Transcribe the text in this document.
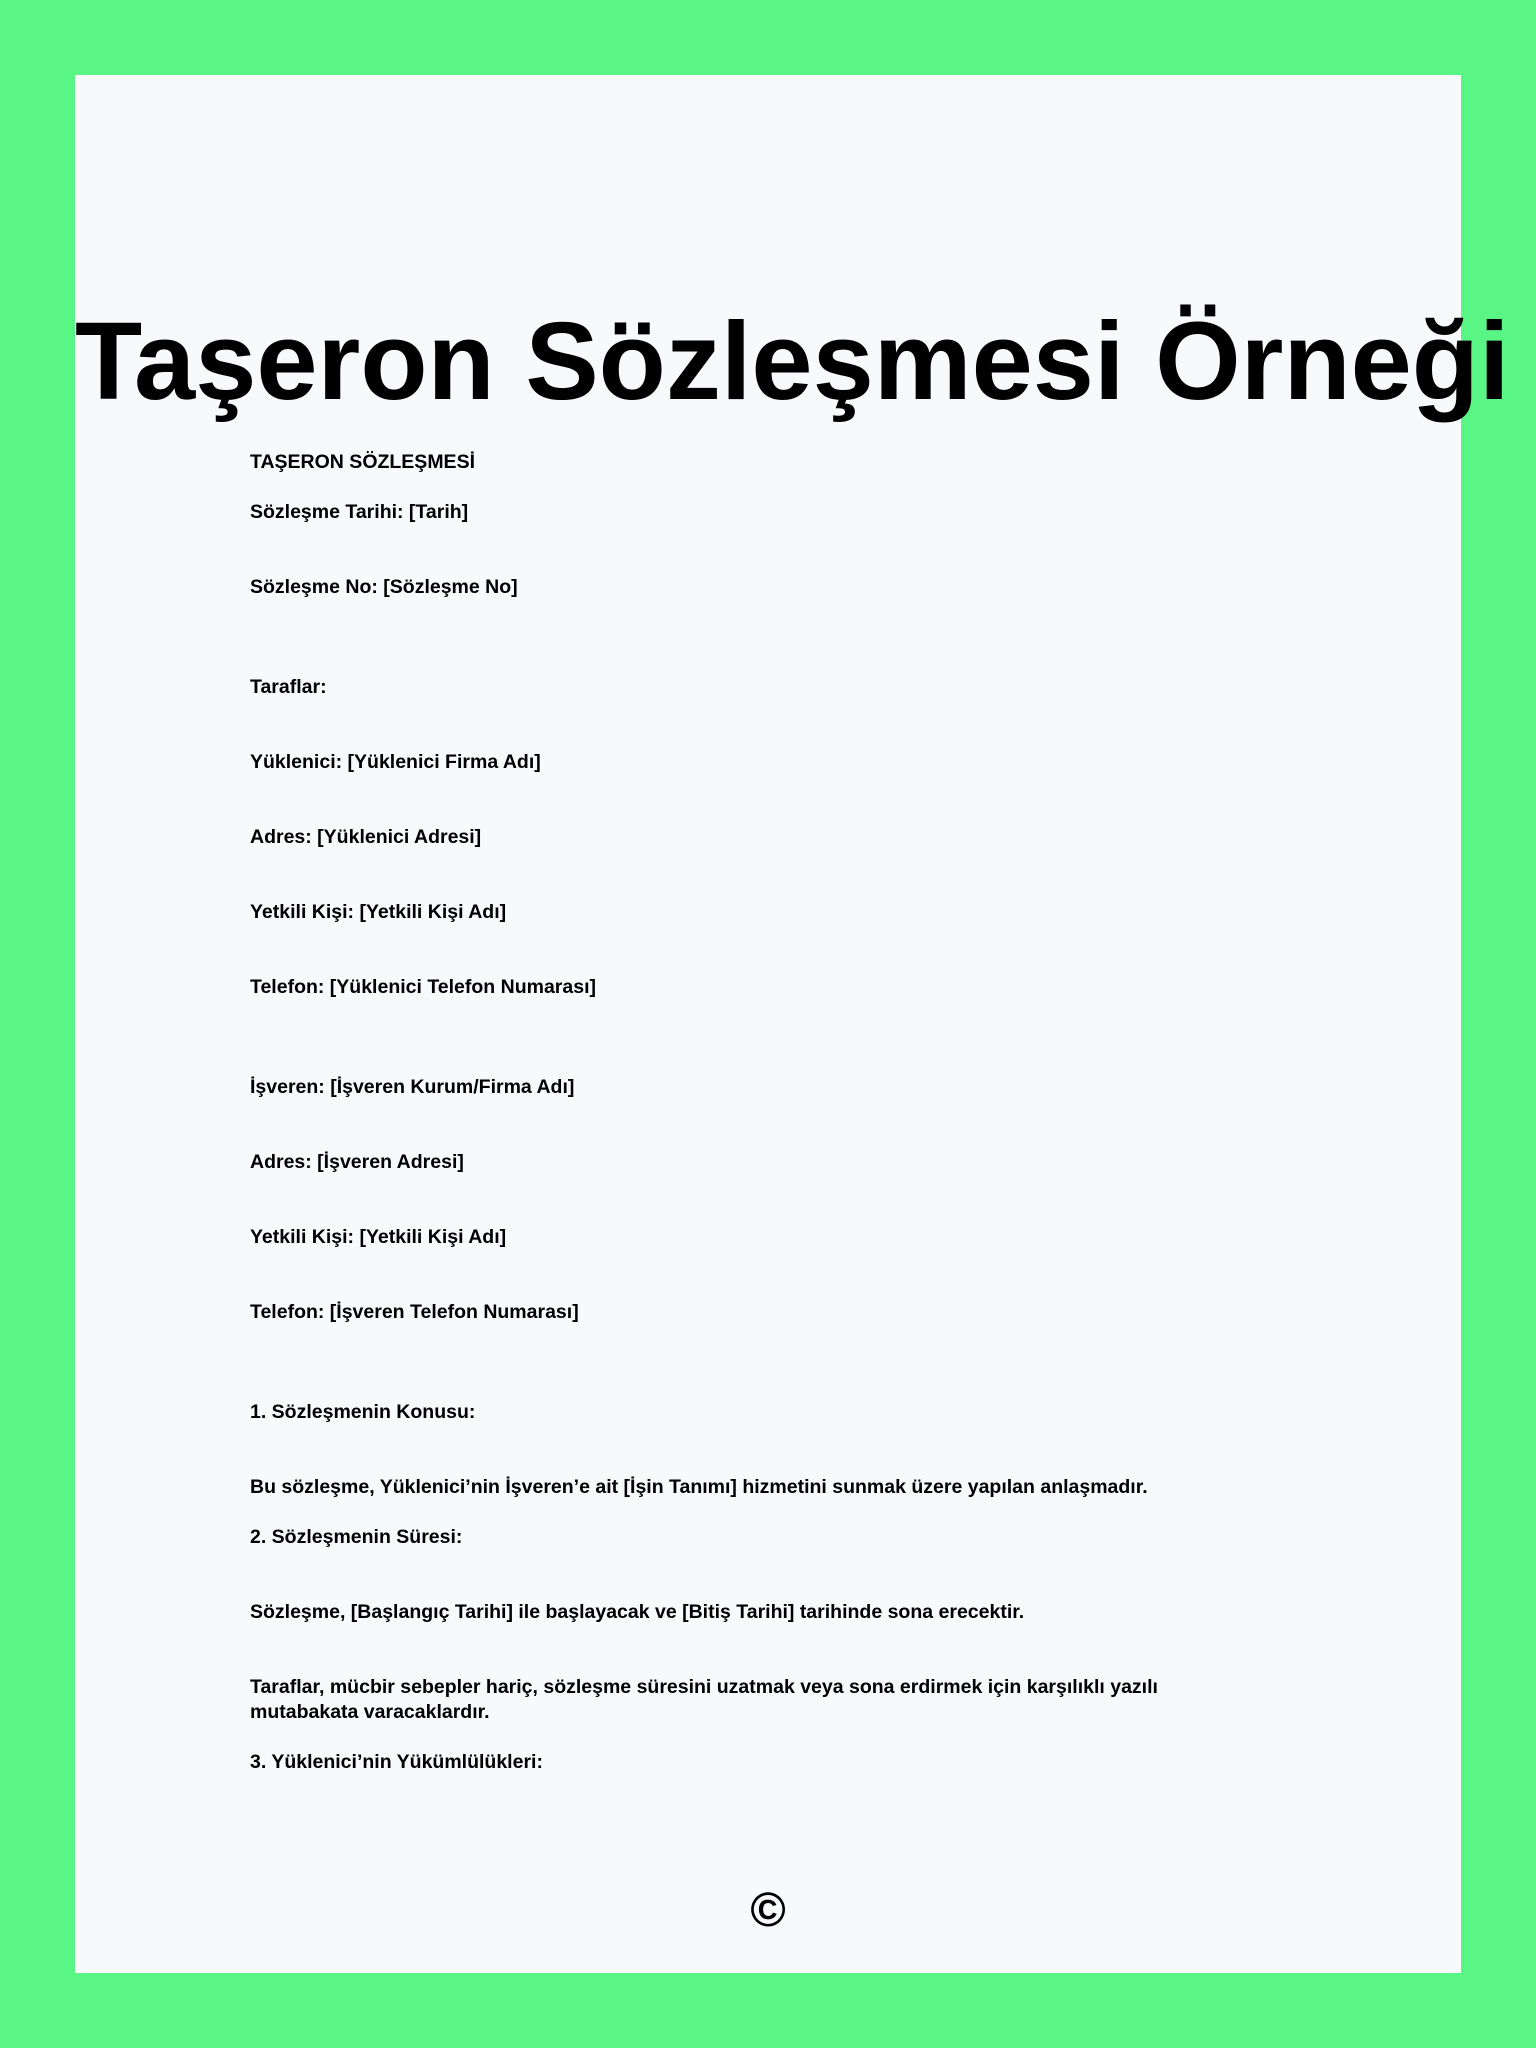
Taşeron Sözleşmesi Örneği

TAŞERON SÖZLEŞMESİ

Sözleşme Tarihi: [Tarih]

Sözleşme No: [Sözleşme No]

Taraflar:

Yüklenici: [Yüklenici Firma Adı]

Adres: [Yüklenici Adresi]

Yetkili Kişi: [Yetkili Kişi Adı]

Telefon: [Yüklenici Telefon Numarası]

İşveren: [İşveren Kurum/Firma Adı]

Adres: [İşveren Adresi]

Yetkili Kişi: [Yetkili Kişi Adı]

Telefon: [İşveren Telefon Numarası]

1. Sözleşmenin Konusu:

Bu sözleşme, Yüklenici’nin İşveren’e ait [İşin Tanımı] hizmetini sunmak üzere yapılan anlaşmadır.

2. Sözleşmenin Süresi:

Sözleşme, [Başlangıç Tarihi] ile başlayacak ve [Bitiş Tarihi] tarihinde sona erecektir.

Taraflar, mücbir sebepler hariç, sözleşme süresini uzatmak veya sona erdirmek için karşılıklı yazılı mutabakata varacaklardır.

3. Yüklenici’nin Yükümlülükleri:

©
